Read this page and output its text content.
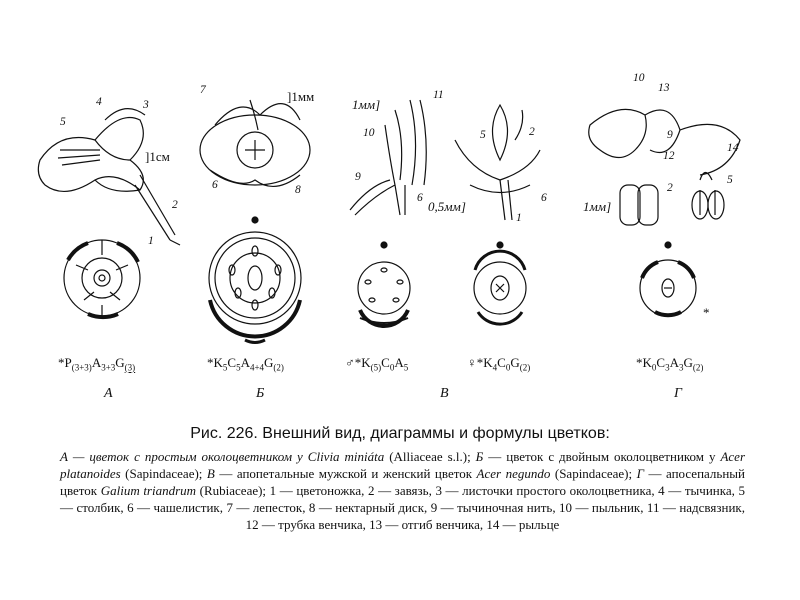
]1см
]1мм
1мм]
0,5мм]	1мм]
5
4	3
2
1
7
6	8
11
10
9
6
5	2
6
1
10
13
9
12
2
14
5
*
$*P_{(3+3)}A_{3+3}G_{(3)}$	$*K_5C_5A_{4+4}G_{(2)}$	$♂*K_{(5)}C_0A_5$	$♀*K_4C_0G_{(2)}$	$*K_0C_3A_3G_{(2)}$
А	Б	В	Г
Рис. 226. Внешний вид, диаграммы и формулы цветков:
А — цветок с простым околоцветником у Clivia miniáta (Alliaceae s.l.); Б — цветок с двойным околоцветником у Acer platanoides (Sapindaceae); В — апопетальные мужской и женский цветок Acer negundo (Sapindaceae); Г — апосепальный цветок Galium triandrum (Rubiaceae); 1 — цветоножка, 2 — завязь, 3 — листочки простого околоцветника, 4 — тычинка, 5 — столбик, 6 — чашелистик, 7 — лепесток, 8 — нектарный диск, 9 — тычиночная нить, 10 — пыльник, 11 — надсвязник, 12 — трубка венчика, 13 — отгиб венчика, 14 — рыльце
